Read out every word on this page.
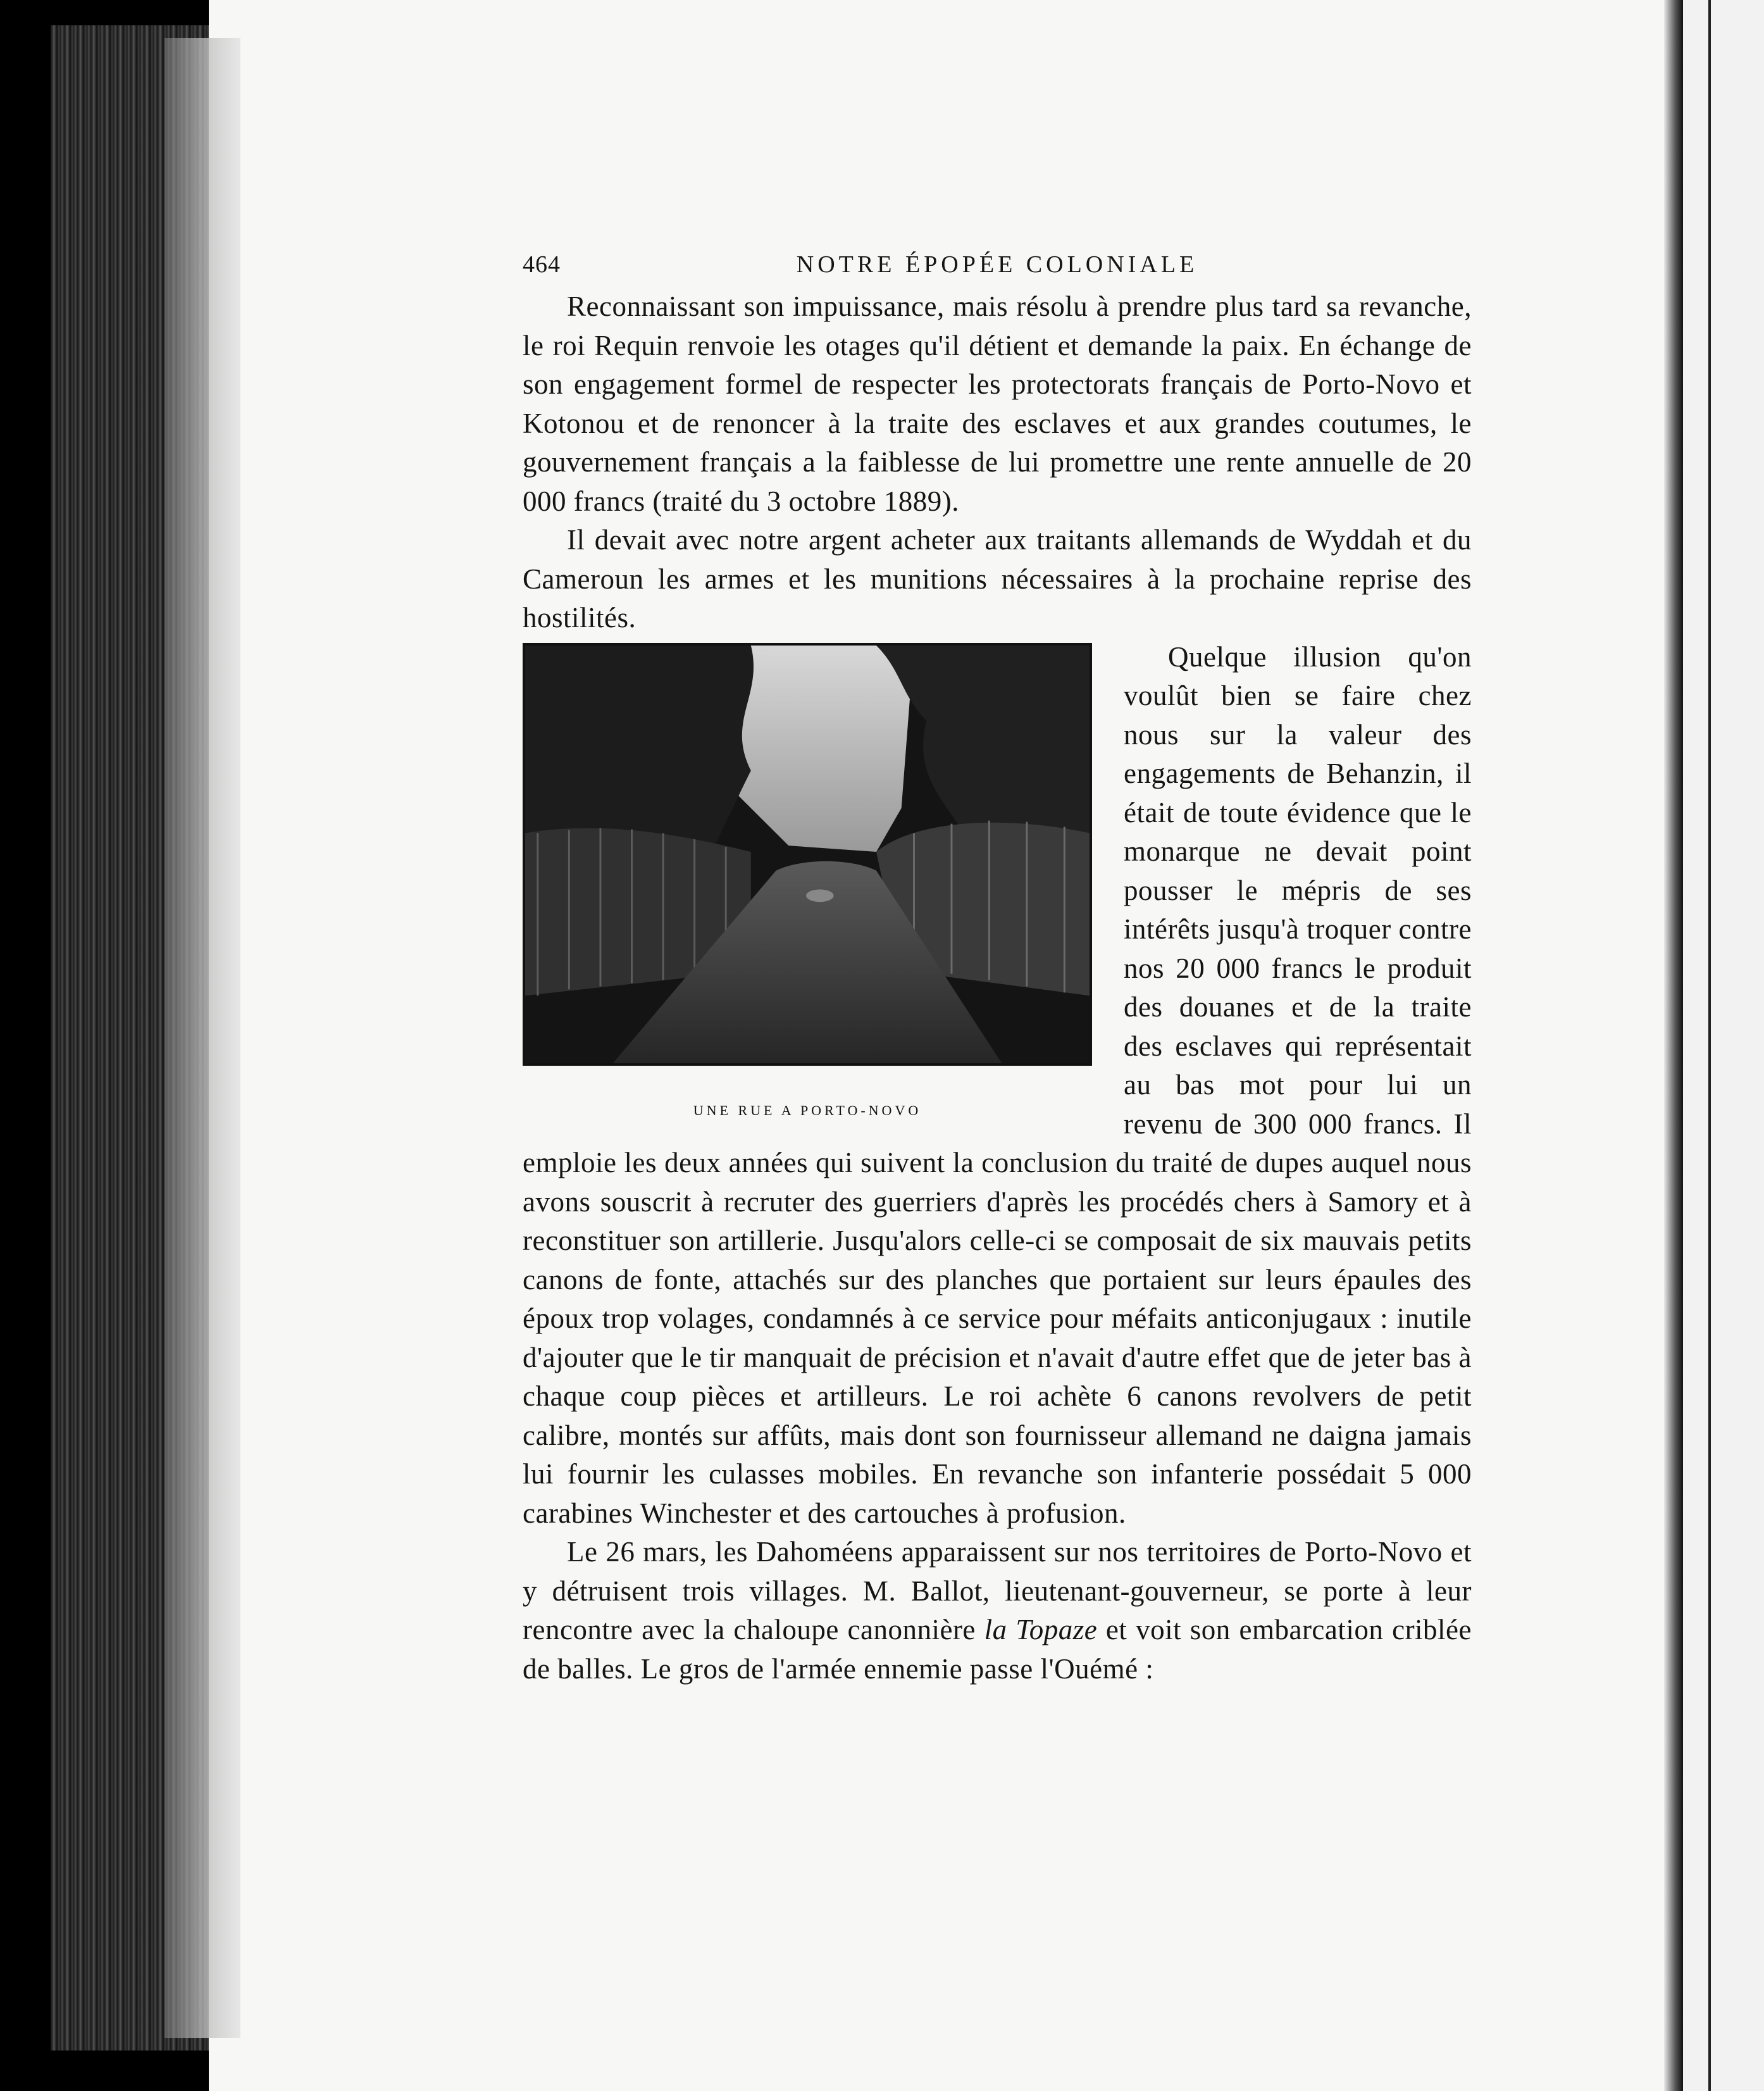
464	NOTRE ÉPOPÉE COLONIALE

Reconnaissant son impuissance, mais résolu à prendre plus tard sa revanche, le roi Requin renvoie les otages qu'il détient et demande la paix. En échange de son engagement formel de respecter les protectorats français de Porto-Novo et Kotonou et de renoncer à la traite des esclaves et aux grandes coutumes, le gouvernement français a la faiblesse de lui promettre une rente annuelle de 20 000 francs (traité du 3 octobre 1889).

Il devait avec notre argent acheter aux traitants allemands de Wyddah et du Cameroun les armes et les munitions nécessaires à la prochaine reprise des hostilités.

UNE RUE A PORTO-NOVO

Quelque illusion qu'on voulût bien se faire chez nous sur la valeur des engagements de Behanzin, il était de toute évidence que le monarque ne devait point pousser le mépris de ses intérêts jusqu'à troquer contre nos 20 000 francs le produit des douanes et de la traite des esclaves qui représentait au bas mot pour lui un revenu de 300 000 francs. Il emploie les deux années qui suivent la conclusion du traité de dupes auquel nous avons souscrit à recruter des guerriers d'après les procédés chers à Samory et à reconstituer son artillerie. Jusqu'alors celle-ci se composait de six mauvais petits canons de fonte, attachés sur des planches que portaient sur leurs épaules des époux trop volages, condamnés à ce service pour méfaits anticonjugaux : inutile d'ajouter que le tir manquait de précision et n'avait d'autre effet que de jeter bas à chaque coup pièces et artilleurs. Le roi achète 6 canons revolvers de petit calibre, montés sur affûts, mais dont son fournisseur allemand ne daigna jamais lui fournir les culasses mobiles. En revanche son infanterie possédait 5 000 carabines Winchester et des cartouches à profusion.

Le 26 mars, les Dahoméens apparaissent sur nos territoires de Porto-Novo et y détruisent trois villages. M. Ballot, lieutenant-gouverneur, se porte à leur rencontre avec la chaloupe canonnière la Topaze et voit son embarcation criblée de balles. Le gros de l'armée ennemie passe l'Ouémé :
